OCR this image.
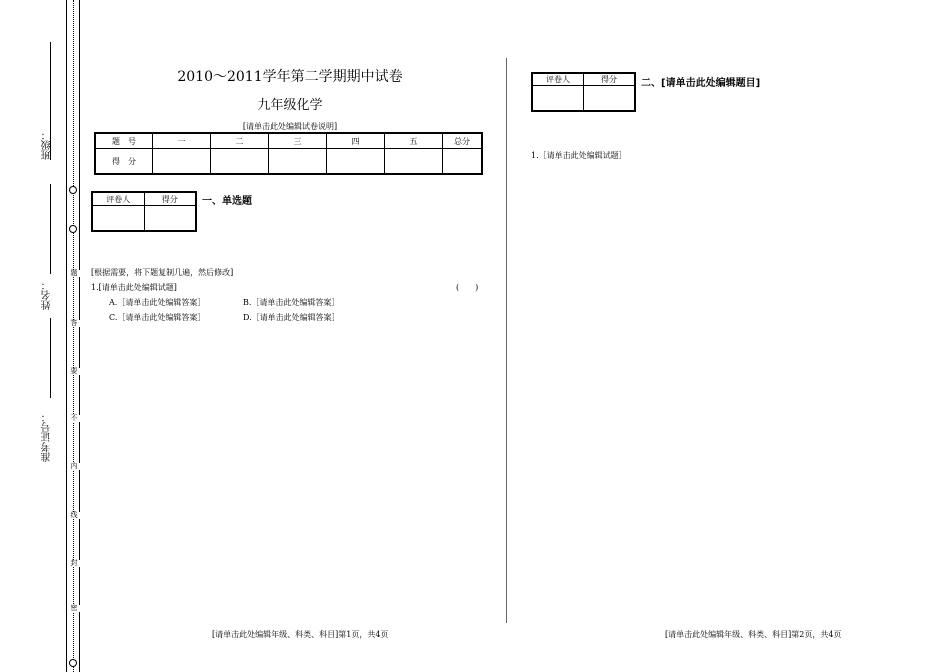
题
答
要
不
内
线
封
密
班级：
姓名：
准考证号：
2010～2011学年第二学期期中试卷
九年级化学
[请单击此处编辑试卷说明]
题　号	一	二	三	四	五	总分
得　分						
评卷人	得分
	一、单选题
[根据需要，将下题复制几遍，然后修改]
1.[请单击此处编辑试题]	(　　)
A.［请单击此处编辑答案］	B.［请单击此处编辑答案］
C.［请单击此处编辑答案］	D.［请单击此处编辑答案］
评卷人	得分
	二、[请单击此处编辑题目]
1.［请单击此处编辑试题］
[请单击此处编辑年级、科类、科目]第1页，共4页	[请单击此处编辑年级、科类、科目]第2页，共4页
